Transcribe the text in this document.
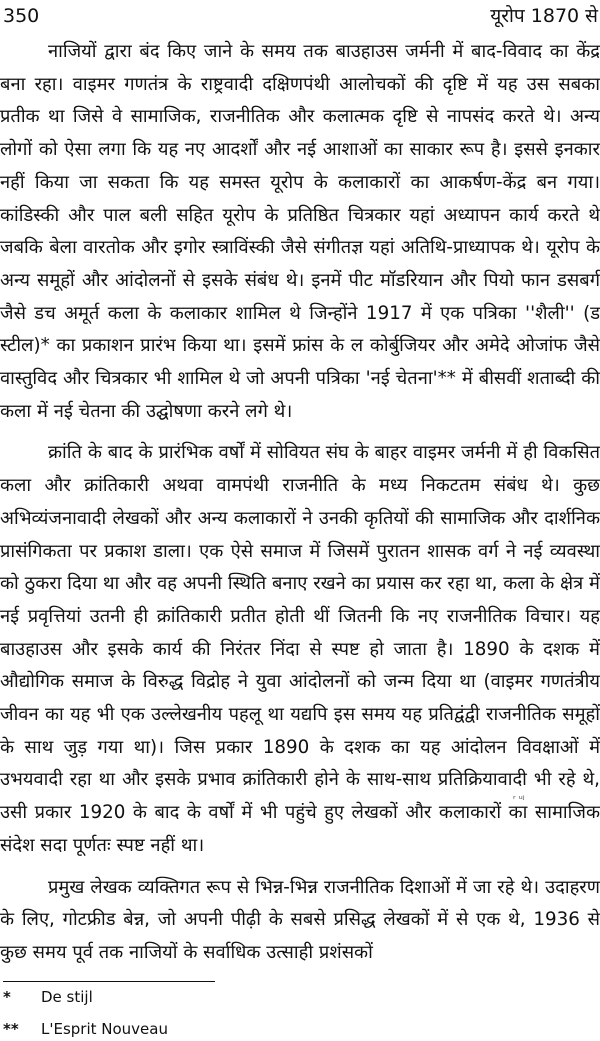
350	यूरोप 1870 से

नाजियों द्वारा बंद किए जाने के समय तक बाउहाउस जर्मनी में बाद-विवाद का केंद्र बना रहा। वाइमर गणतंत्र के राष्ट्रवादी दक्षिणपंथी आलोचकों की दृष्टि में यह उस सबका प्रतीक था जिसे वे सामाजिक, राजनीतिक और कलात्मक दृष्टि से नापसंद करते थे। अन्य लोगों को ऐसा लगा कि यह नए आदर्शों और नई आशाओं का साकार रूप है। इससे इनकार नहीं किया जा सकता कि यह समस्त यूरोप के कलाकारों का आकर्षण-केंद्र बन गया। कांडिस्की और पाल बली सहित यूरोप के प्रतिष्ठित चित्रकार यहां अध्यापन कार्य करते थे जबकि बेला वारतोक और इगोर स्त्राविंस्की जैसे संगीतज्ञ यहां अतिथि-प्राध्यापक थे। यूरोप के अन्य समूहों और आंदोलनों से इसके संबंध थे। इनमें पीट मॉडरियान और पियो फान डसबर्ग जैसे डच अमूर्त कला के कलाकार शामिल थे जिन्होंने 1917 में एक पत्रिका ''शैली'' (ड स्टील)* का प्रकाशन प्रारंभ किया था। इसमें फ्रांस के ल कोर्बुजियर और अमेदे ओजांफ जैसे वास्तुविद और चित्रकार भी शामिल थे जो अपनी पत्रिका 'नई चेतना'** में बीसवीं शताब्दी की कला में नई चेतना की उद्घोषणा करने लगे थे।

क्रांति के बाद के प्रारंभिक वर्षों में सोवियत संघ के बाहर वाइमर जर्मनी में ही विकसित कला और क्रांतिकारी अथवा वामपंथी राजनीति के मध्य निकटतम संबंध थे। कुछ अभिव्यंजनावादी लेखकों और अन्य कलाकारों ने उनकी कृतियों की सामाजिक और दार्शनिक प्रासंगिकता पर प्रकाश डाला। एक ऐसे समाज में जिसमें पुरातन शासक वर्ग ने नई व्यवस्था को ठुकरा दिया था और वह अपनी स्थिति बनाए रखने का प्रयास कर रहा था, कला के क्षेत्र में नई प्रवृत्तियां उतनी ही क्रांतिकारी प्रतीत होती थीं जितनी कि नए राजनीतिक विचार। यह बाउहाउस और इसके कार्य की निरंतर निंदा से स्पष्ट हो जाता है। 1890 के दशक में औद्योगिक समाज के विरुद्ध विद्रोह ने युवा आंदोलनों को जन्म दिया था (वाइमर गणतंत्रीय जीवन का यह भी एक उल्लेखनीय पहलू था यद्यपि इस समय यह प्रतिद्वंद्वी राजनीतिक समूहों के साथ जुड़ गया था)। जिस प्रकार 1890 के दशक का यह आंदोलन विवक्षाओं में उभयवादी रहा था और इसके प्रभाव क्रांतिकारी होने के साथ-साथ प्रतिक्रियावादी भी रहे थे, उसी प्रकार 1920 के बाद के वर्षों में भी पहुंचे हुए लेखकों और कलाकारों का सामाजिक संदेश सदा पूर्णतः स्पष्ट नहीं था।

प्रमुख लेखक व्यक्तिगत रूप से भिन्न-भिन्न राजनीतिक दिशाओं में जा रहे थे। उदाहरण के लिए, गोटफ्रीड बेन्न, जो अपनी पीढ़ी के सबसे प्रसिद्ध लेखकों में से एक थे, 1936 से कुछ समय पूर्व तक नाजियों के सर्वाधिक उत्साही प्रशंसकों

ᵣ ᵤⱼ
* De stijl
** L'Esprit Nouveau
